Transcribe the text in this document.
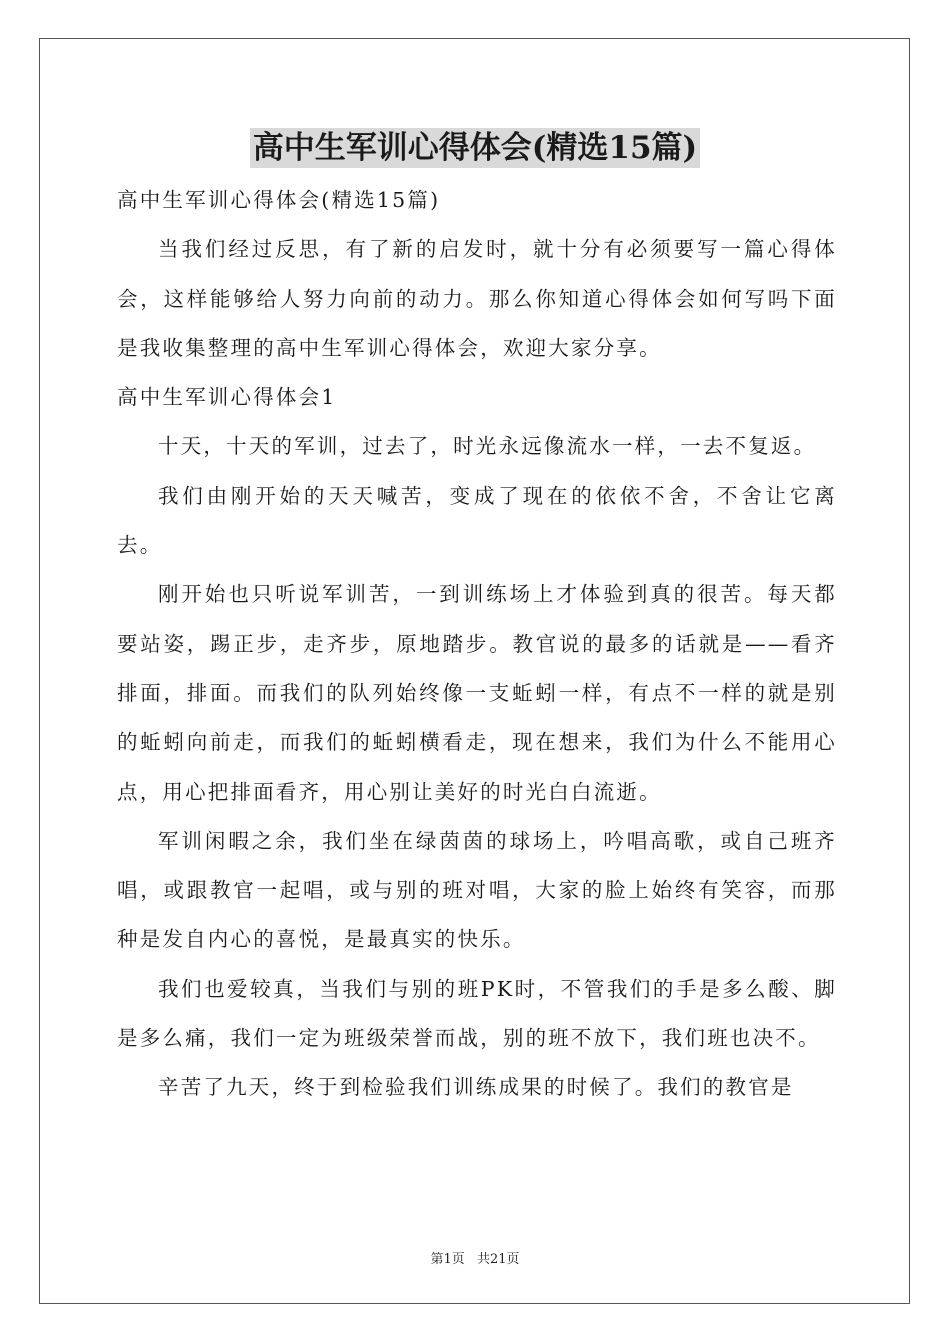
高中生军训心得体会(精选15篇)

高中生军训心得体会(精选15篇)

当我们经过反思，有了新的启发时，就十分有必须要写一篇心得体会，这样能够给人努力向前的动力。那么你知道心得体会如何写吗下面是我收集整理的高中生军训心得体会，欢迎大家分享。

高中生军训心得体会1

十天，十天的军训，过去了，时光永远像流水一样，一去不复返。

我们由刚开始的天天喊苦，变成了现在的依依不舍，不舍让它离去。

刚开始也只听说军训苦，一到训练场上才体验到真的很苦。每天都要站姿，踢正步，走齐步，原地踏步。教官说的最多的话就是——看齐排面，排面。而我们的队列始终像一支蚯蚓一样，有点不一样的就是别的蚯蚓向前走，而我们的蚯蚓横看走，现在想来，我们为什么不能用心点，用心把排面看齐，用心别让美好的时光白白流逝。

军训闲暇之余，我们坐在绿茵茵的球场上，吟唱高歌，或自己班齐唱，或跟教官一起唱，或与别的班对唱，大家的脸上始终有笑容，而那种是发自内心的喜悦，是最真实的快乐。

我们也爱较真，当我们与别的班PK时，不管我们的手是多么酸、脚是多么痛，我们一定为班级荣誉而战，别的班不放下，我们班也决不。

辛苦了九天，终于到检验我们训练成果的时候了。我们的教官是

第1页 共21页
